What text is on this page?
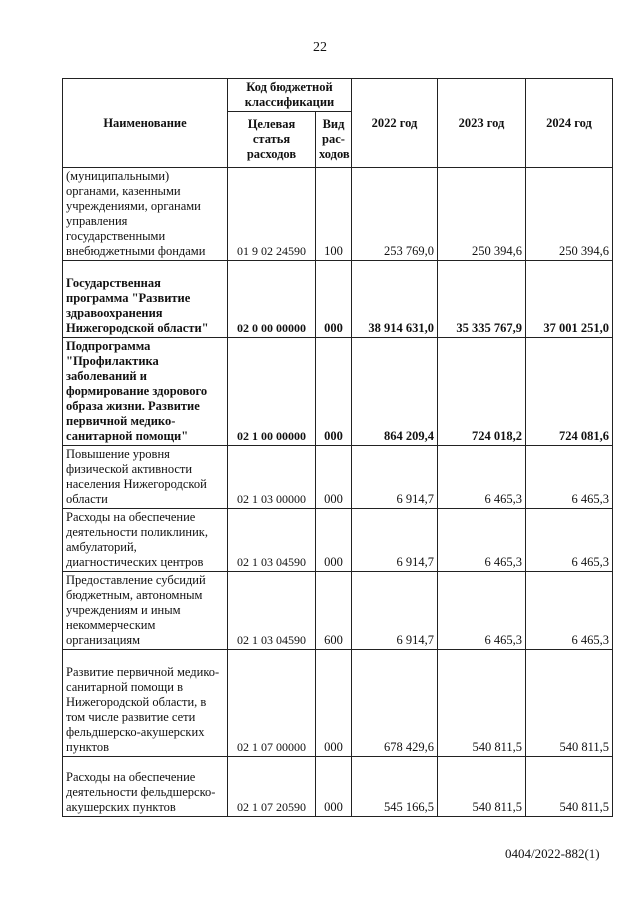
22
Наименование	Код бюджетной классификации		2022 год	2023 год	2024 год
	Целевая статья расходов	Вид рас-ходов			
(муниципальными) органами, казенными учреждениями, органами управления государственными внебюджетными фондами	01 9 02 24590	100	253 769,0	250 394,6	250 394,6
Государственная программа "Развитие здравоохранения Нижегородской области"	02 0 00 00000	000	38 914 631,0	35 335 767,9	37 001 251,0
Подпрограмма "Профилактика заболеваний и формирование здорового образа жизни. Развитие первичной медико-санитарной помощи"	02 1 00 00000	000	864 209,4	724 018,2	724 081,6
Повышение уровня физической активности населения Нижегородской области	02 1 03 00000	000	6 914,7	6 465,3	6 465,3
Расходы на обеспечение деятельности поликлиник, амбулаторий, диагностических центров	02 1 03 04590	000	6 914,7	6 465,3	6 465,3
Предоставление субсидий бюджетным, автономным учреждениям и иным некоммерческим организациям	02 1 03 04590	600	6 914,7	6 465,3	6 465,3
Развитие первичной медико-санитарной помощи в Нижегородской области, в том числе развитие сети фельдшерско-акушерских пунктов	02 1 07 00000	000	678 429,6	540 811,5	540 811,5
Расходы на обеспечение деятельности фельдшерско-акушерских пунктов	02 1 07 20590	000	545 166,5	540 811,5	540 811,5
0404/2022-882(1)
